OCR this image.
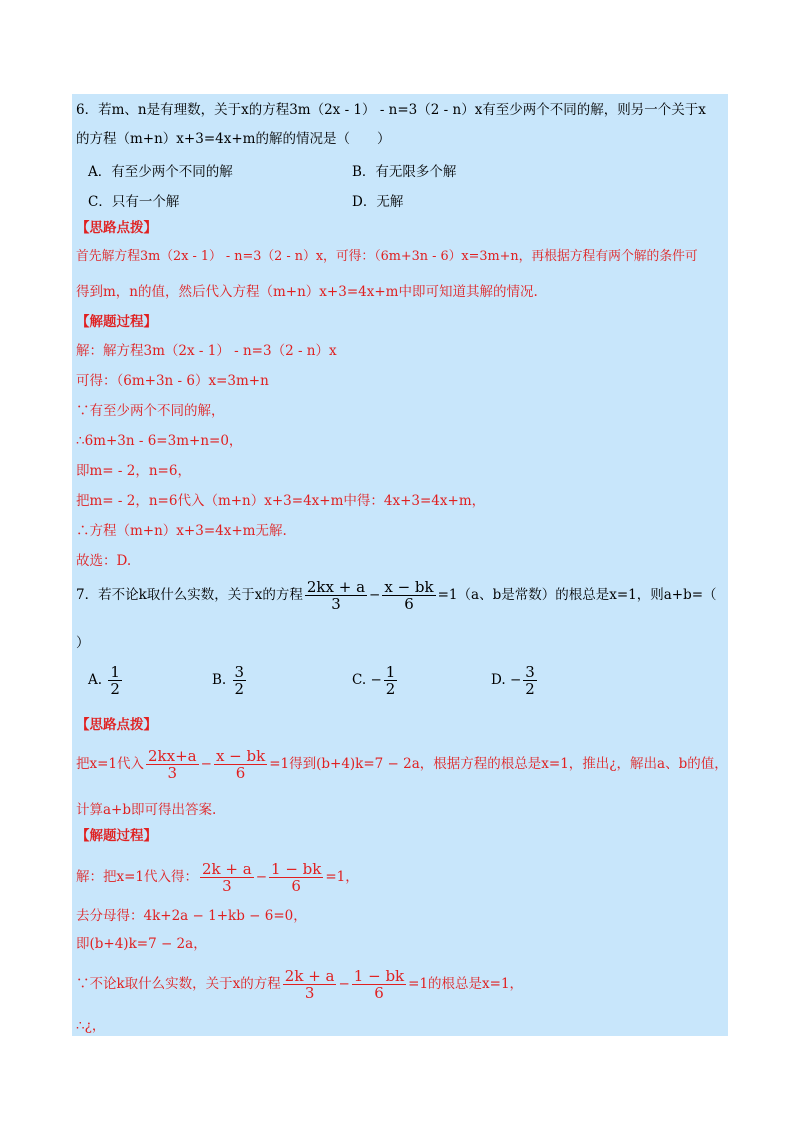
6．若m、n是有理数，关于x的方程3m（2x - 1） - n=3（2 - n）x有至少两个不同的解，则另一个关于x
的方程（m+n）x+3=4x+m的解的情况是（　　）
A．有至少两个不同的解	B．有无限多个解
C．只有一个解	D．无解
【思路点拨】
首先解方程3m（2x - 1） - n=3（2 - n）x，可得：（6m+3n - 6）x=3m+n，再根据方程有两个解的条件可
得到m，n的值，然后代入方程（m+n）x+3=4x+m中即可知道其解的情况.
【解题过程】
解：解方程3m（2x - 1） - n=3（2 - n）x
可得：（6m+3n - 6）x=3m+n
∵有至少两个不同的解，
∴6m+3n - 6=3m+n=0，
即m= - 2，n=6，
把m= - 2，n=6代入（m+n）x+3=4x+m中得：4x+3=4x+m，
∴方程（m+n）x+3=4x+m无解.
故选：D.
7．若不论k取什么实数，关于x的方程 $\frac{2kx + a}{3} - \frac{x - bk}{6} =1(a$、b是常数）的根总是x=1，则a+b=（
）
A. $\frac{1}{2}$	B. $\frac{3}{2}$	C. − $\frac{1}{2}$	D. − $\frac{3}{2}$
【思路点拨】
把x=1代入 $\frac{2kx+a}{3} - \frac{x - bk}{6} =1$得到(b+4)k=7 − 2a，根据方程的根总是x=1，推出¿，解出a、b的值，
计算a+b即可得出答案.
【解题过程】
解：把x=1代入得： $\frac{2k + a}{3} - \frac{1 - bk}{6} =1$，
去分母得：4k+2a − 1+kb − 6=0，
即(b+4)k=7 − 2a，
∵不论k取什么实数，关于x的方程 $\frac{2k + a}{3} - \frac{1 - bk}{6} =1$的根总是x=1，
∴¿，
